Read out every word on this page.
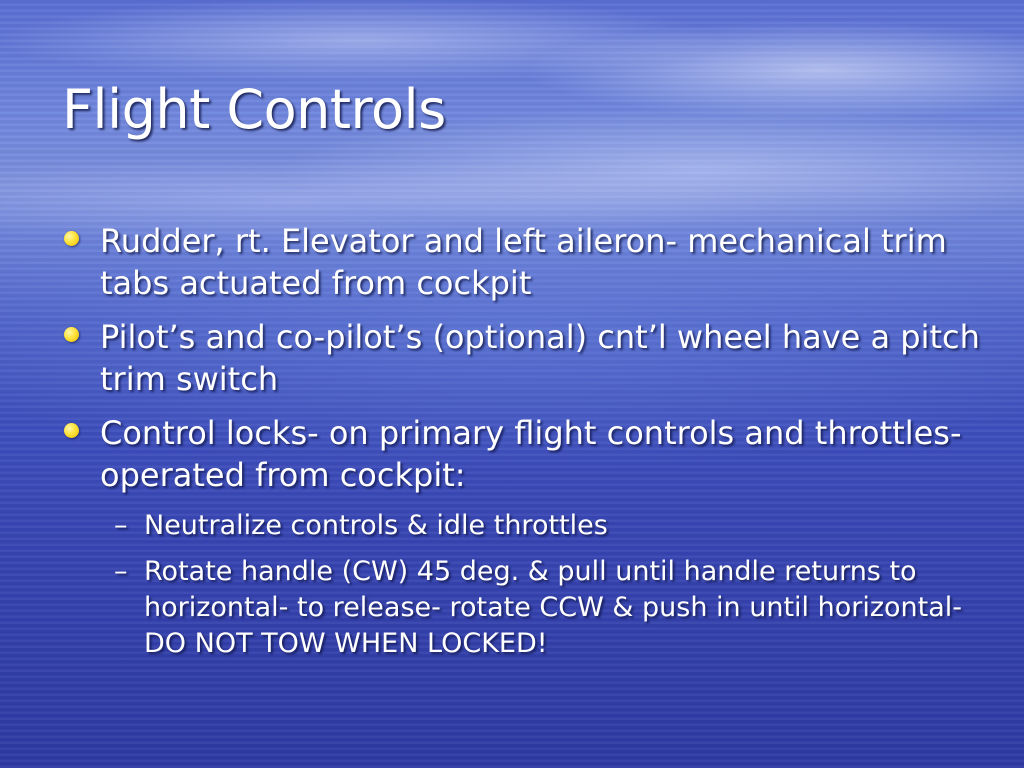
Flight Controls
Rudder, rt. Elevator and left aileron- mechanical trim tabs actuated from cockpit
Pilot’s and co-pilot’s (optional) cnt’l wheel have a pitch trim switch
Control locks- on primary flight controls and throttles- operated from cockpit:
– Neutralize controls & idle throttles
– Rotate handle (CW) 45 deg. & pull until handle returns to horizontal- to release- rotate CCW & push in until horizontal- DO NOT TOW WHEN LOCKED!
